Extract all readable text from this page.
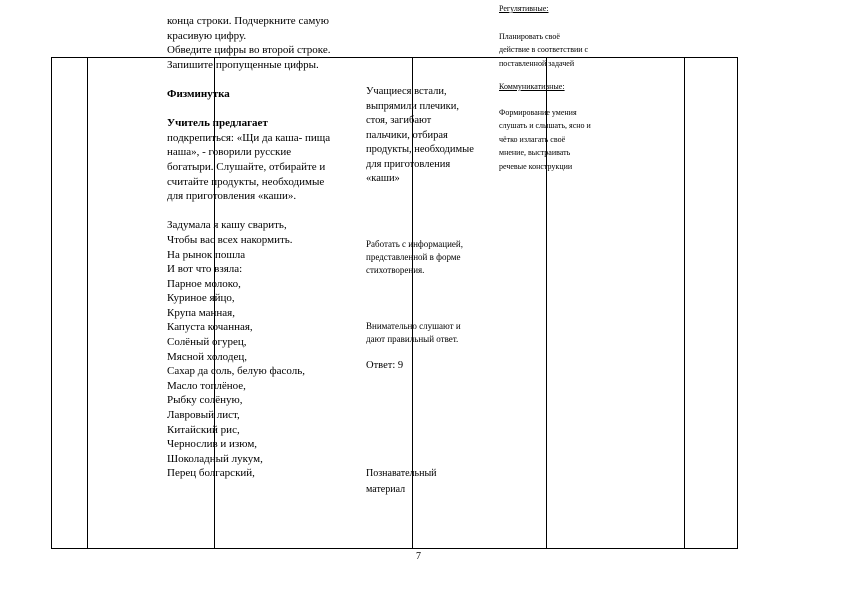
конца строки. Подчеркните самую

красивую цифру.

Обведите цифры во второй строке.

Запишите пропущенные цифры.

Физминутка

Учитель предлагает

подкрепиться: «Щи да каша- пища

наша», - говорили русские

богатыри. Слушайте, отбирайте и

считайте продукты, необходимые

для приготовления «каши».

Задумала я кашу сварить,

Чтобы вас всех накормить.

На рынок пошла

И вот что взяла:

Парное молоко,

Куриное яйцо,

Крупа манная,

Капуста кочанная,

Солёный огурец,

Мясной холодец,

Сахар да соль, белую фасоль,

Масло топлёное,

Рыбку солёную,

Лавровый лист,

Китайский рис,

Чернослив и изюм,

Шоколадный лукум,

Перец болгарский,

Учащиеся встали,
выпрямили плечики,
стоя, загибают
пальчики, отбирая
продукты, необходимые
для приготовления
«каши»
Работать с информацией,
представленной в форме
стихотворения.
Внимательно слушают и
дают правильный ответ.
Ответ: 9
Познавательный
материал

Регулятивные:

Планировать своё

действие в соответствии с

поставленной задачей

Коммуникативные:

Формирование умения

слушать и слышать, ясно и

чётко излагать своё

мнение, выстраивать

речевые конструкции

7
